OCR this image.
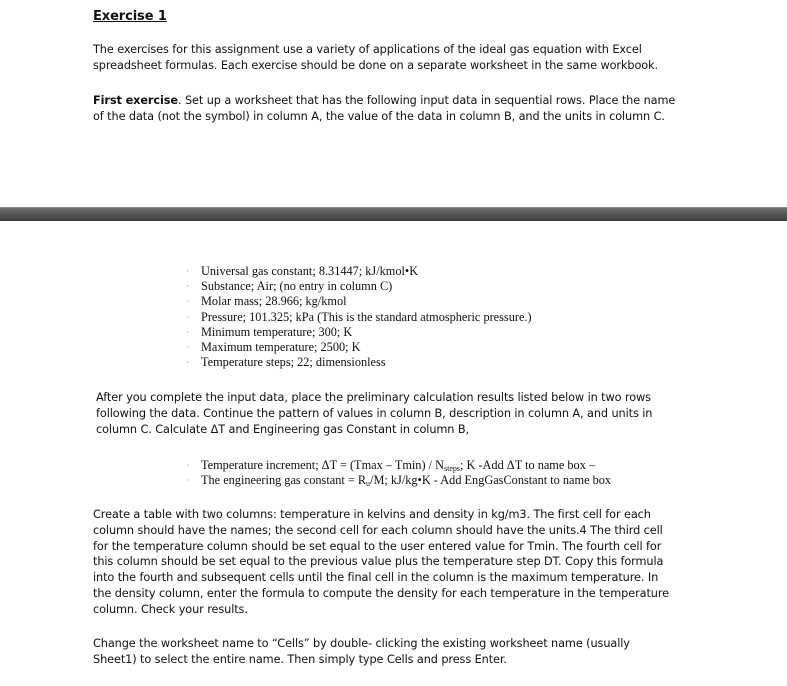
Exercise 1
The exercises for this assignment use a variety of applications of the ideal gas equation with Excel spreadsheet formulas. Each exercise should be done on a separate worksheet in the same workbook.
First exercise. Set up a worksheet that has the following input data in sequential rows. Place the name of the data (not the symbol) in column A, the value of the data in column B, and the units in column C.
· Universal gas constant; 8.31447; kJ/kmol•K
· Substance; Air; (no entry in column C)
· Molar mass; 28.966; kg/kmol
· Pressure; 101.325; kPa (This is the standard atmospheric pressure.)
· Minimum temperature; 300; K
· Maximum temperature; 2500; K
· Temperature steps; 22; dimensionless
After you complete the input data, place the preliminary calculation results listed below in two rows following the data. Continue the pattern of values in column B, description in column A, and units in column C. Calculate ΔT and Engineering gas Constant in column B,
· Temperature increment; $\Delta T = (Tmax - Tmin) / N_{steps}$; K -Add ΔT to name box –
· The engineering gas constant = $R_u/M$; kJ/kg•K - Add EngGasConstant to name box
Create a table with two columns: temperature in kelvins and density in kg/m3. The first cell for each column should have the names; the second cell for each column should have the units.4 The third cell for the temperature column should be set equal to the user entered value for Tmin. The fourth cell for this column should be set equal to the previous value plus the temperature step DT. Copy this formula into the fourth and subsequent cells until the final cell in the column is the maximum temperature. In the density column, enter the formula to compute the density for each temperature in the temperature column. Check your results.
Change the worksheet name to “Cells” by double- clicking the existing worksheet name (usually Sheet1) to select the entire name. Then simply type Cells and press Enter.
